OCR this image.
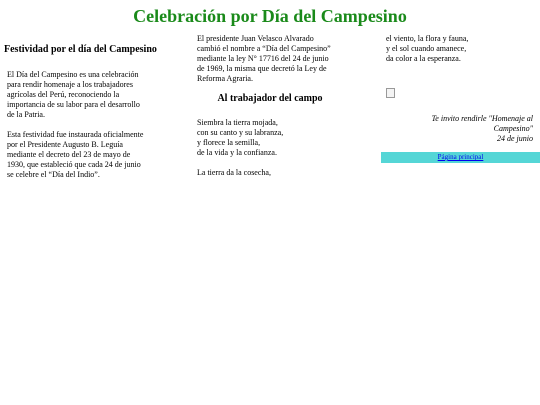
Celebración por Día del Campesino
Festividad por el día del Campesino

El Día del Campesino es una celebración
para rendir homenaje a los trabajadores
agrícolas del Perú, reconociendo la
importancia de su labor para el desarrollo
de la Patria.

Esta festividad fue instaurada oficialmente
por el Presidente Augusto B. Leguía
mediante el decreto del 23 de mayo de
1930, que estableció que cada 24 de junio
se celebre el “Día del Indio”.

El presidente Juan Velasco Alvarado
cambió el nombre a “Día del Campesino”
mediante la ley N° 17716 del 24 de junio
de 1969, la misma que decretó la Ley de
Reforma Agraria.

Al trabajador del campo

Siembra la tierra mojada,
con su canto y su labranza,
y florece la semilla,
de la vida y la confianza.

La tierra da la cosecha,

el viento, la flora y fauna,
y el sol cuando amanece,
da color a la esperanza.

Te invito rendirle "Homenaje al
Campesino"
24 de junio

Página principal
